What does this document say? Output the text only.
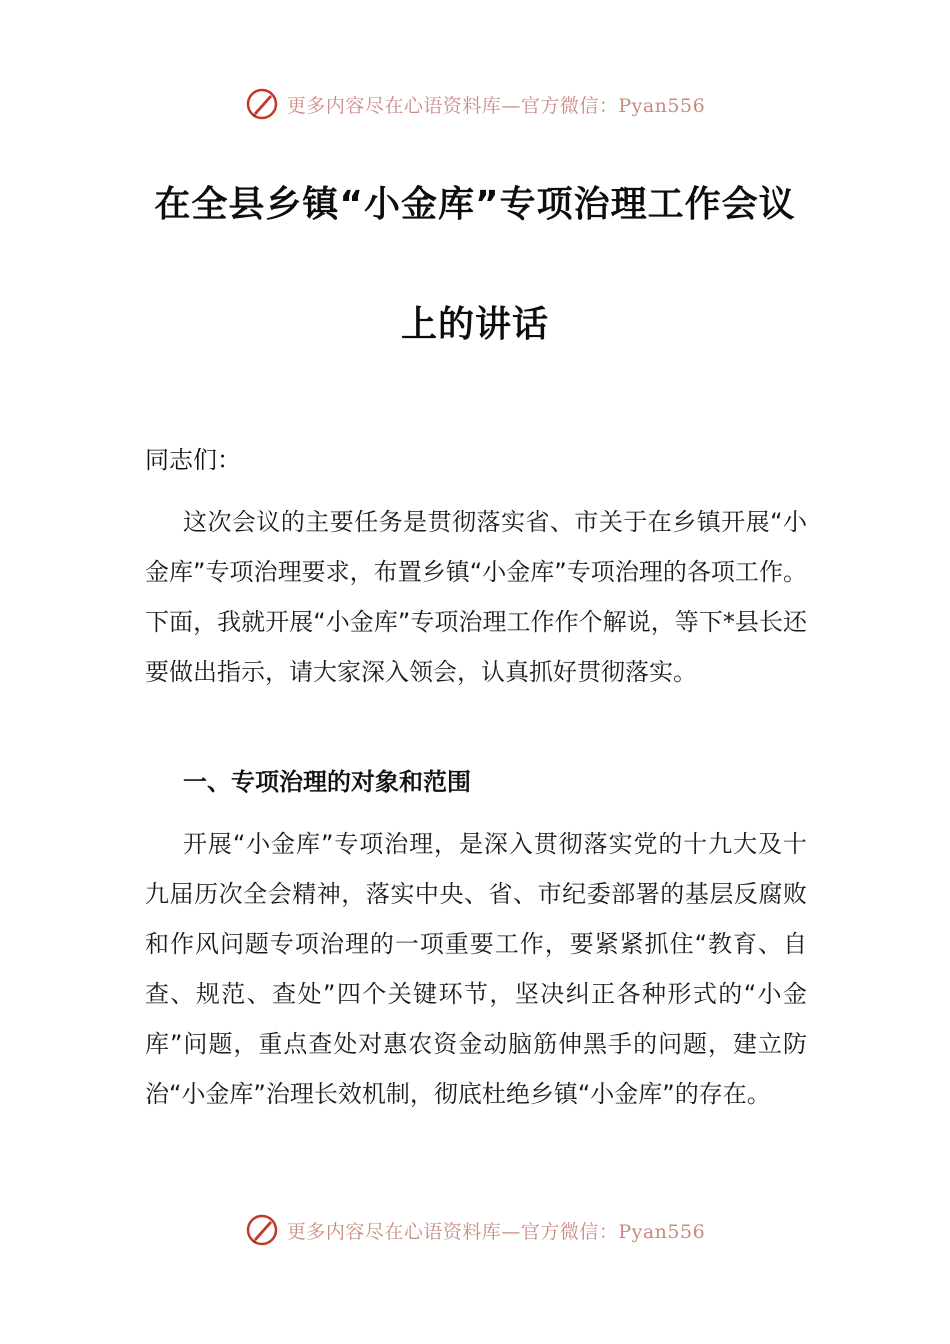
更多内容尽在心语资料库—官方微信：Pyan556
在全县乡镇“小金库”专项治理工作会议
上的讲话
同志们：
这次会议的主要任务是贯彻落实省、市关于在乡镇开展“小金库”专项治理要求，布置乡镇“小金库”专项治理的各项工作。下面，我就开展“小金库”专项治理工作作个解说，等下*县长还要做出指示，请大家深入领会，认真抓好贯彻落实。
一、专项治理的对象和范围
开展“小金库”专项治理，是深入贯彻落实党的十九大及十九届历次全会精神，落实中央、省、市纪委部署的基层反腐败和作风问题专项治理的一项重要工作，要紧紧抓住“教育、自查、规范、查处”四个关键环节，坚决纠正各种形式的“小金库”问题，重点查处对惠农资金动脑筋伸黑手的问题，建立防治“小金库”治理长效机制，彻底杜绝乡镇“小金库”的存在。
更多内容尽在心语资料库—官方微信：Pyan556
